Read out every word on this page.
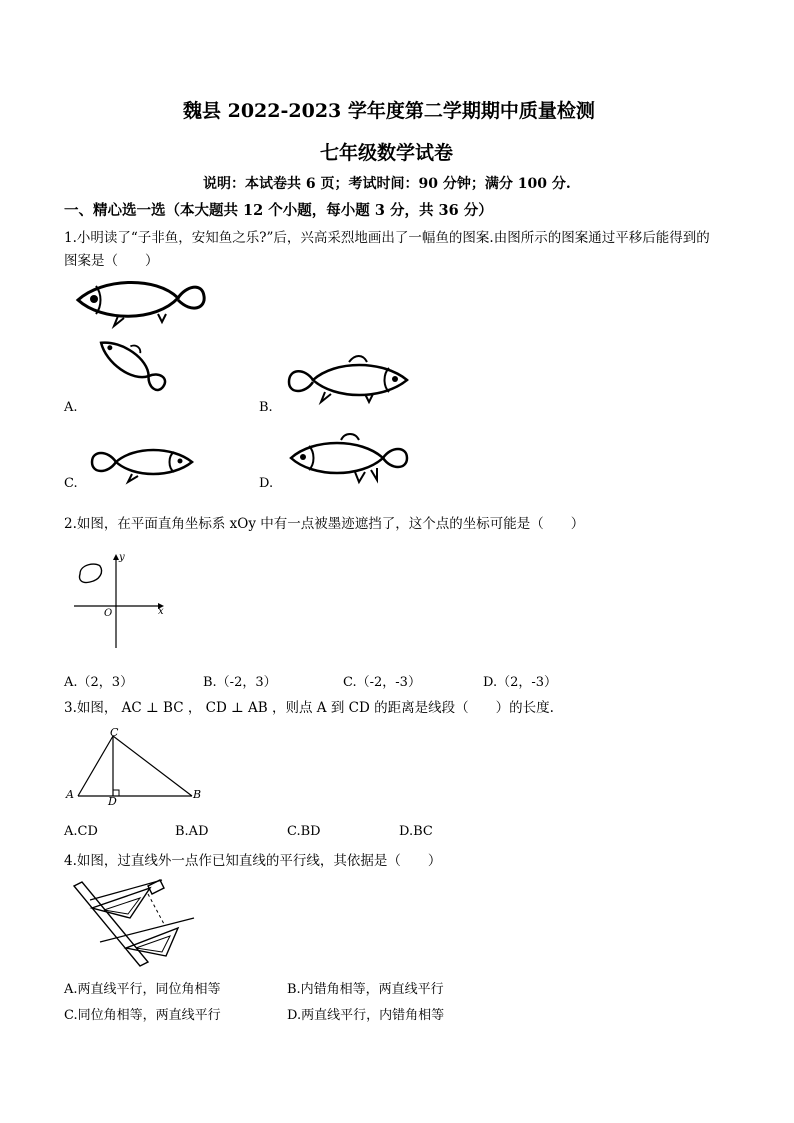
魏县 2022-2023 学年度第二学期期中质量检测
七年级数学试卷
说明：本试卷共 6 页；考试时间：90 分钟；满分 100 分.
一、精心选一选（本大题共 12 个小题，每小题 3 分，共 36 分）
1.小明读了“子非鱼，安知鱼之乐?”后，兴高采烈地画出了一幅鱼的图案.由图所示的图案通过平移后能得到的
图案是（　　）
A.	B.
C.	D.
2.如图，在平面直角坐标系 xOy 中有一点被墨迹遮挡了，这个点的坐标可能是（　　）
y
x
O
A.（2，3）	B.（-2，3）	C.（-2，-3）	D.（2，-3）
3.如图， AC ⊥ BC ， CD ⊥ AB ，则点 A 到 CD 的距离是线段（　　）的长度.
C
A
D
B
A.CD	B.AD	C.BD	D.BC
4.如图，过直线外一点作已知直线的平行线，其依据是（　　）
A.两直线平行，同位角相等	B.内错角相等，两直线平行
C.同位角相等，两直线平行	D.两直线平行，内错角相等
